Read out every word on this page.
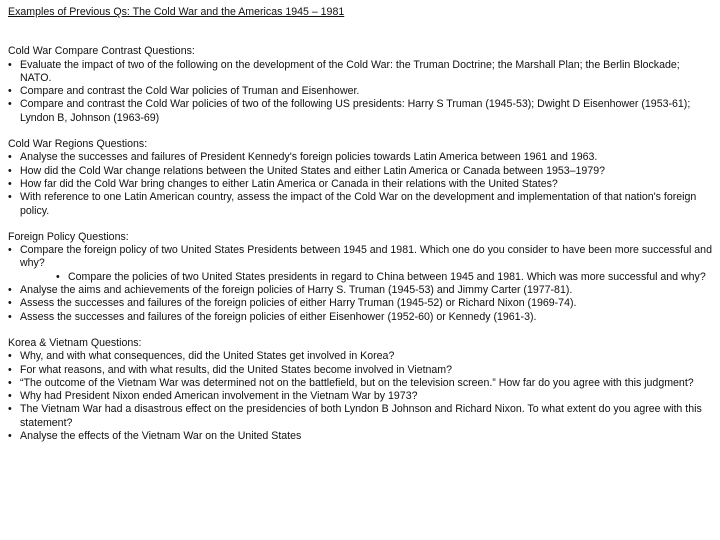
Examples of Previous Qs: The Cold War and the Americas 1945 – 1981
Cold War Compare Contrast Questions:
• Evaluate the impact of two of the following on the development of the Cold War: the Truman Doctrine; the Marshall Plan; the Berlin Blockade; NATO.
• Compare and contrast the Cold War policies of Truman and Eisenhower.
• Compare and contrast the Cold War policies of two of the following US presidents: Harry S Truman (1945-53); Dwight D Eisenhower (1953-61); Lyndon B, Johnson (1963-69)
Cold War Regions Questions:
• Analyse the successes and failures of President Kennedy's foreign policies towards Latin America between 1961 and 1963.
• How did the Cold War change relations between the United States and either Latin America or Canada between 1953–1979?
• How far did the Cold War bring changes to either Latin America or Canada in their relations with the United States?
• With reference to one Latin American country, assess the impact of the Cold War on the development and implementation of that nation's foreign policy.
Foreign Policy Questions:
• Compare the foreign policy of two United States Presidents between 1945 and 1981. Which one do you consider to have been more successful and why?
• Compare the policies of two United States presidents in regard to China between 1945 and 1981. Which was more successful and why?
• Analyse the aims and achievements of the foreign policies of Harry S. Truman (1945-53) and Jimmy Carter (1977-81).
• Assess the successes and failures of the foreign policies of either Harry Truman (1945-52) or Richard Nixon (1969-74).
• Assess the successes and failures of the foreign policies of either Eisenhower (1952-60) or Kennedy (1961-3).
Korea & Vietnam Questions:
• Why, and with what consequences, did the United States get involved in Korea?
• For what reasons, and with what results, did the United States become involved in Vietnam?
• “The outcome of the Vietnam War was determined not on the battlefield, but on the television screen.” How far do you agree with this judgment?
• Why had President Nixon ended American involvement in the Vietnam War by 1973?
• The Vietnam War had a disastrous effect on the presidencies of both Lyndon B Johnson and Richard Nixon. To what extent do you agree with this statement?
• Analyse the effects of the Vietnam War on the United States
